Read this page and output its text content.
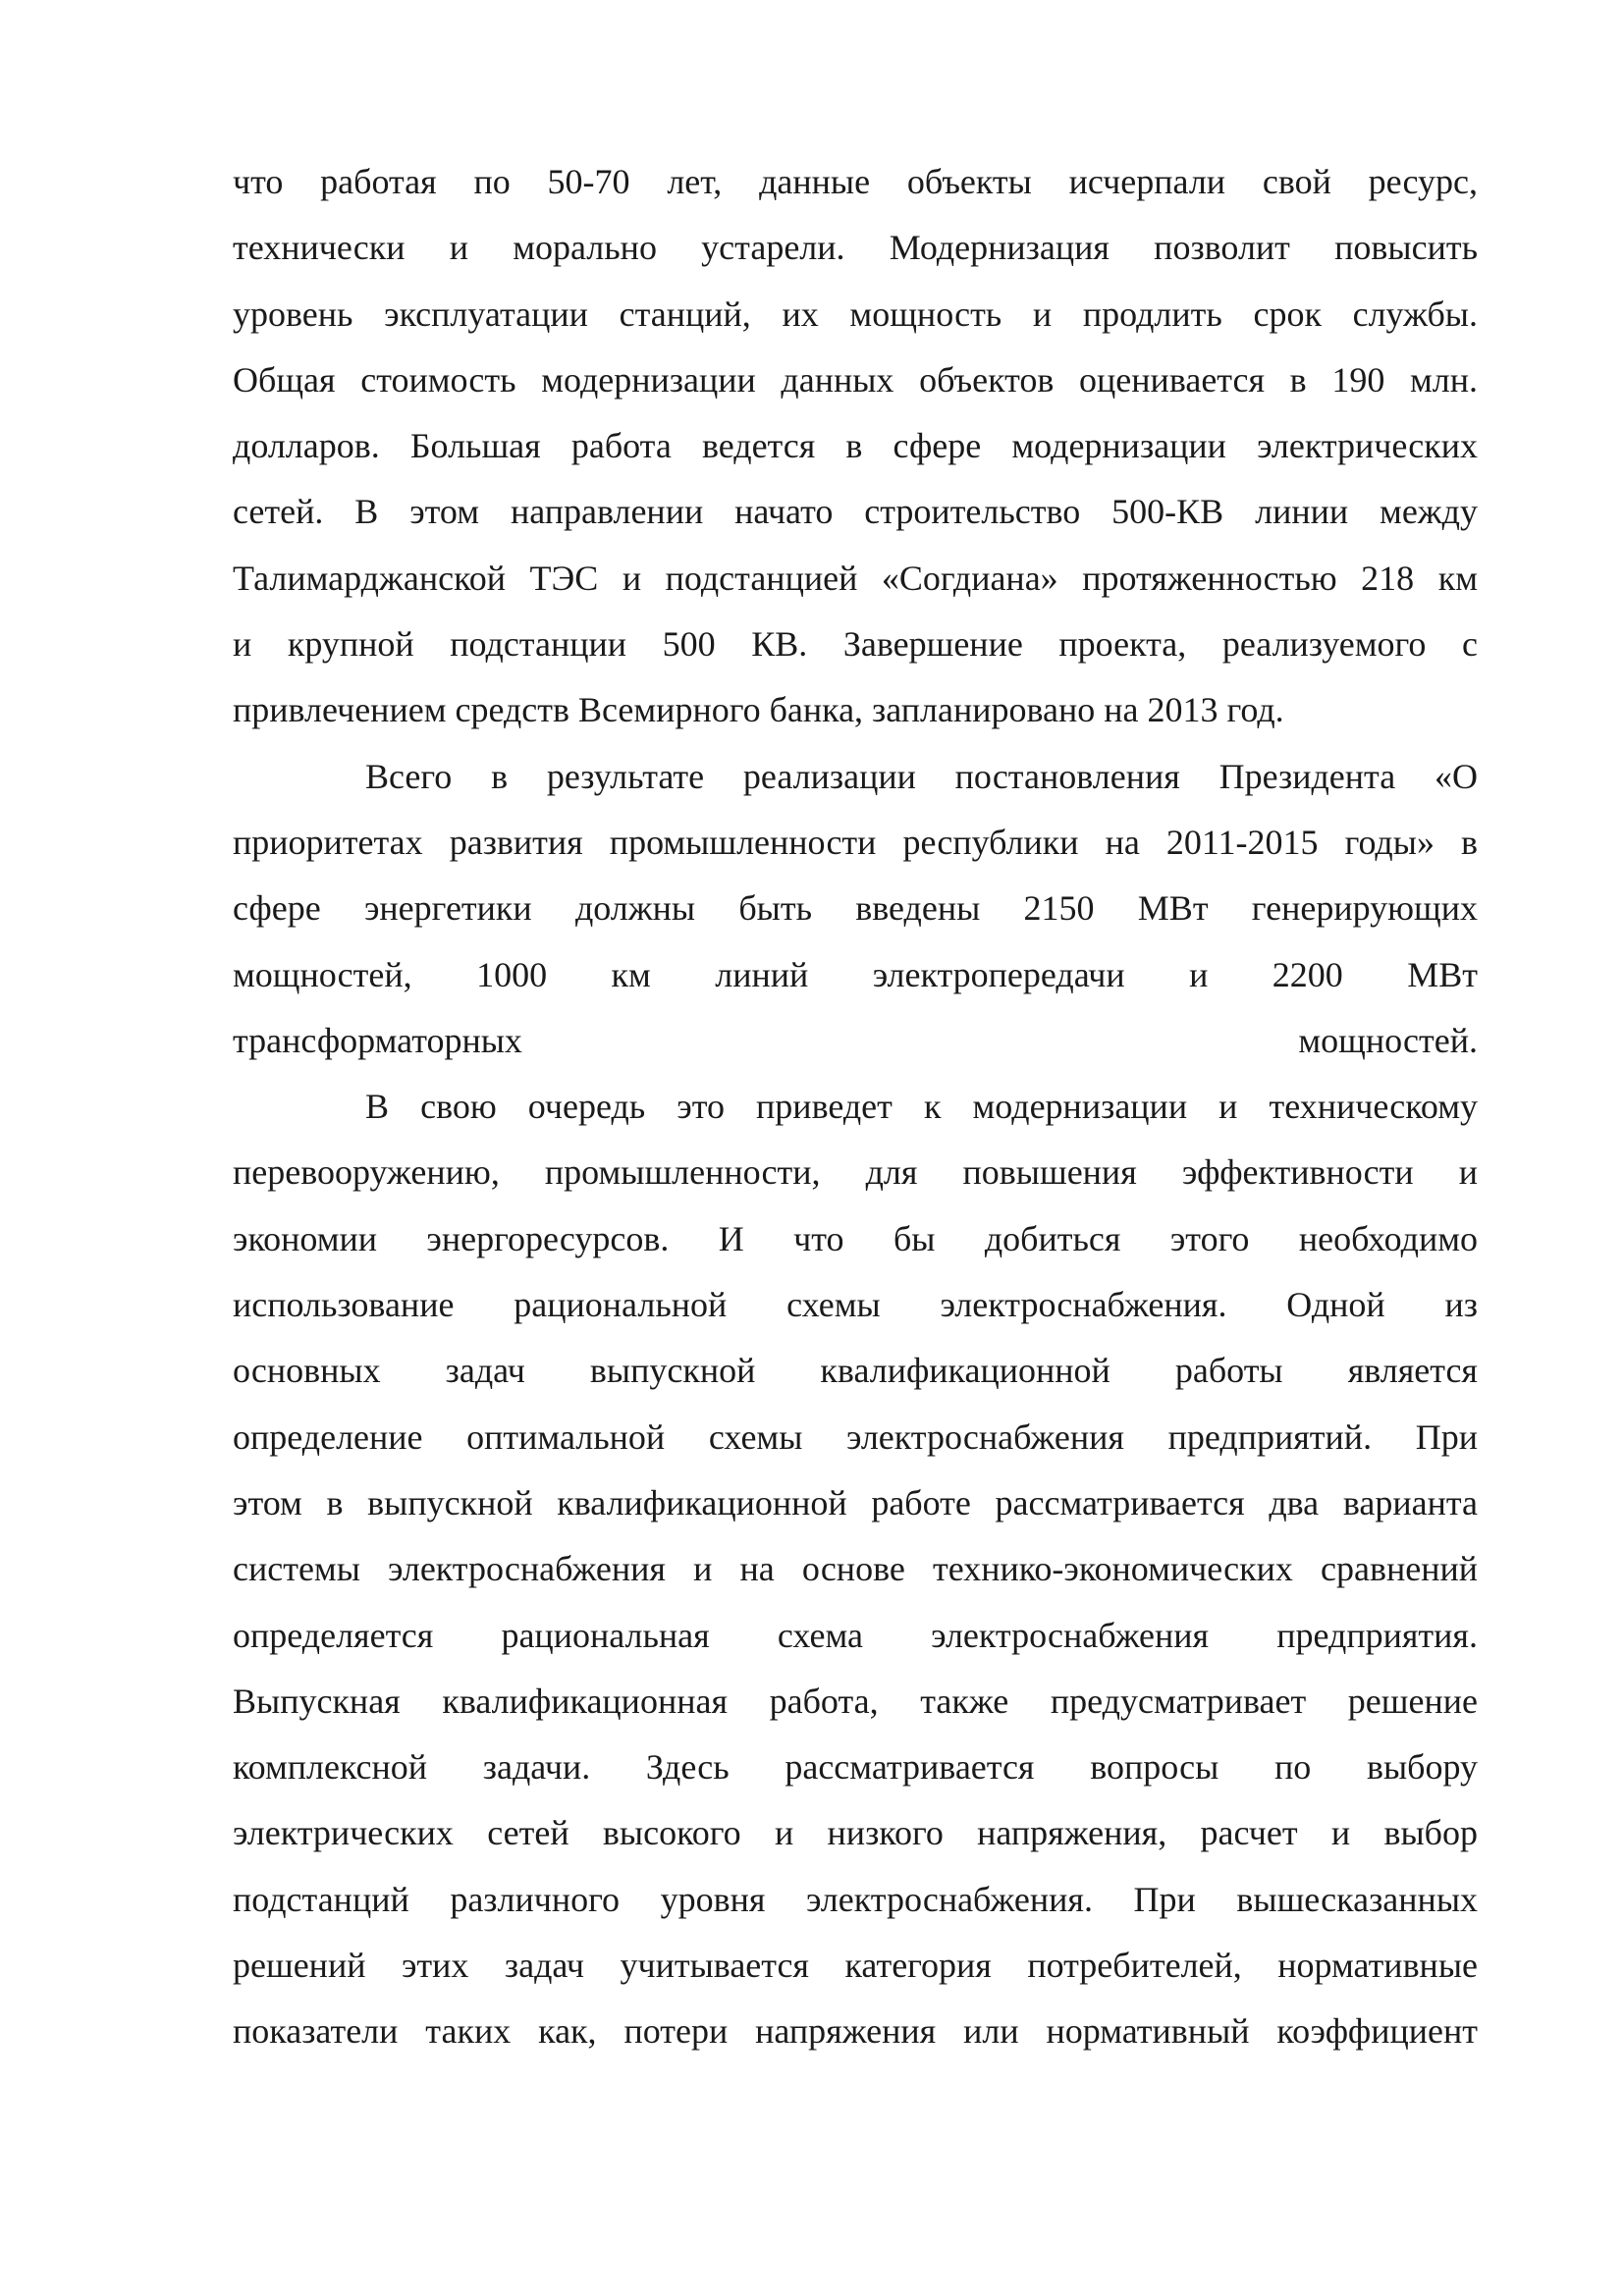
что работая по 50-70 лет, данные объекты исчерпали свой ресурс,
технически и морально устарели. Модернизация позволит повысить
уровень эксплуатации станций, их мощность и продлить срок службы.
Общая стоимость модернизации данных объектов оценивается в 190 млн.
долларов. Большая работа ведется в сфере модернизации электрических
сетей. В этом направлении начато строительство 500-КВ линии между
Талимарджанской ТЭС и подстанцией «Согдиана» протяженностью 218 км
и крупной подстанции 500 КВ. Завершение проекта, реализуемого с
привлечением средств Всемирного банка, запланировано на 2013 год.
Всего в результате реализации постановления Президента «О
приоритетах развития промышленности республики на 2011-2015 годы» в
сфере энергетики должны быть введены 2150 МВт генерирующих
мощностей, 1000 км линий электропередачи и 2200 МВт
трансформаторных мощностей.
В свою очередь это приведет к модернизации и техническому
перевооружению, промышленности, для повышения эффективности и
экономии энергоресурсов. И что бы добиться этого необходимо
использование рациональной схемы электроснабжения. Одной из
основных задач выпускной квалификационной работы является
определение оптимальной схемы электроснабжения предприятий. При
этом в выпускной квалификационной работе рассматривается два варианта
системы электроснабжения и на основе технико-экономических сравнений
определяется рациональная схема электроснабжения предприятия.
Выпускная квалификационная работа, также предусматривает решение
комплексной задачи. Здесь рассматривается вопросы по выбору
электрических сетей высокого и низкого напряжения, расчет и выбор
подстанций различного уровня электроснабжения. При вышесказанных
решений этих задач учитывается категория потребителей, нормативные
показатели таких как, потери напряжения или нормативный коэффициент
